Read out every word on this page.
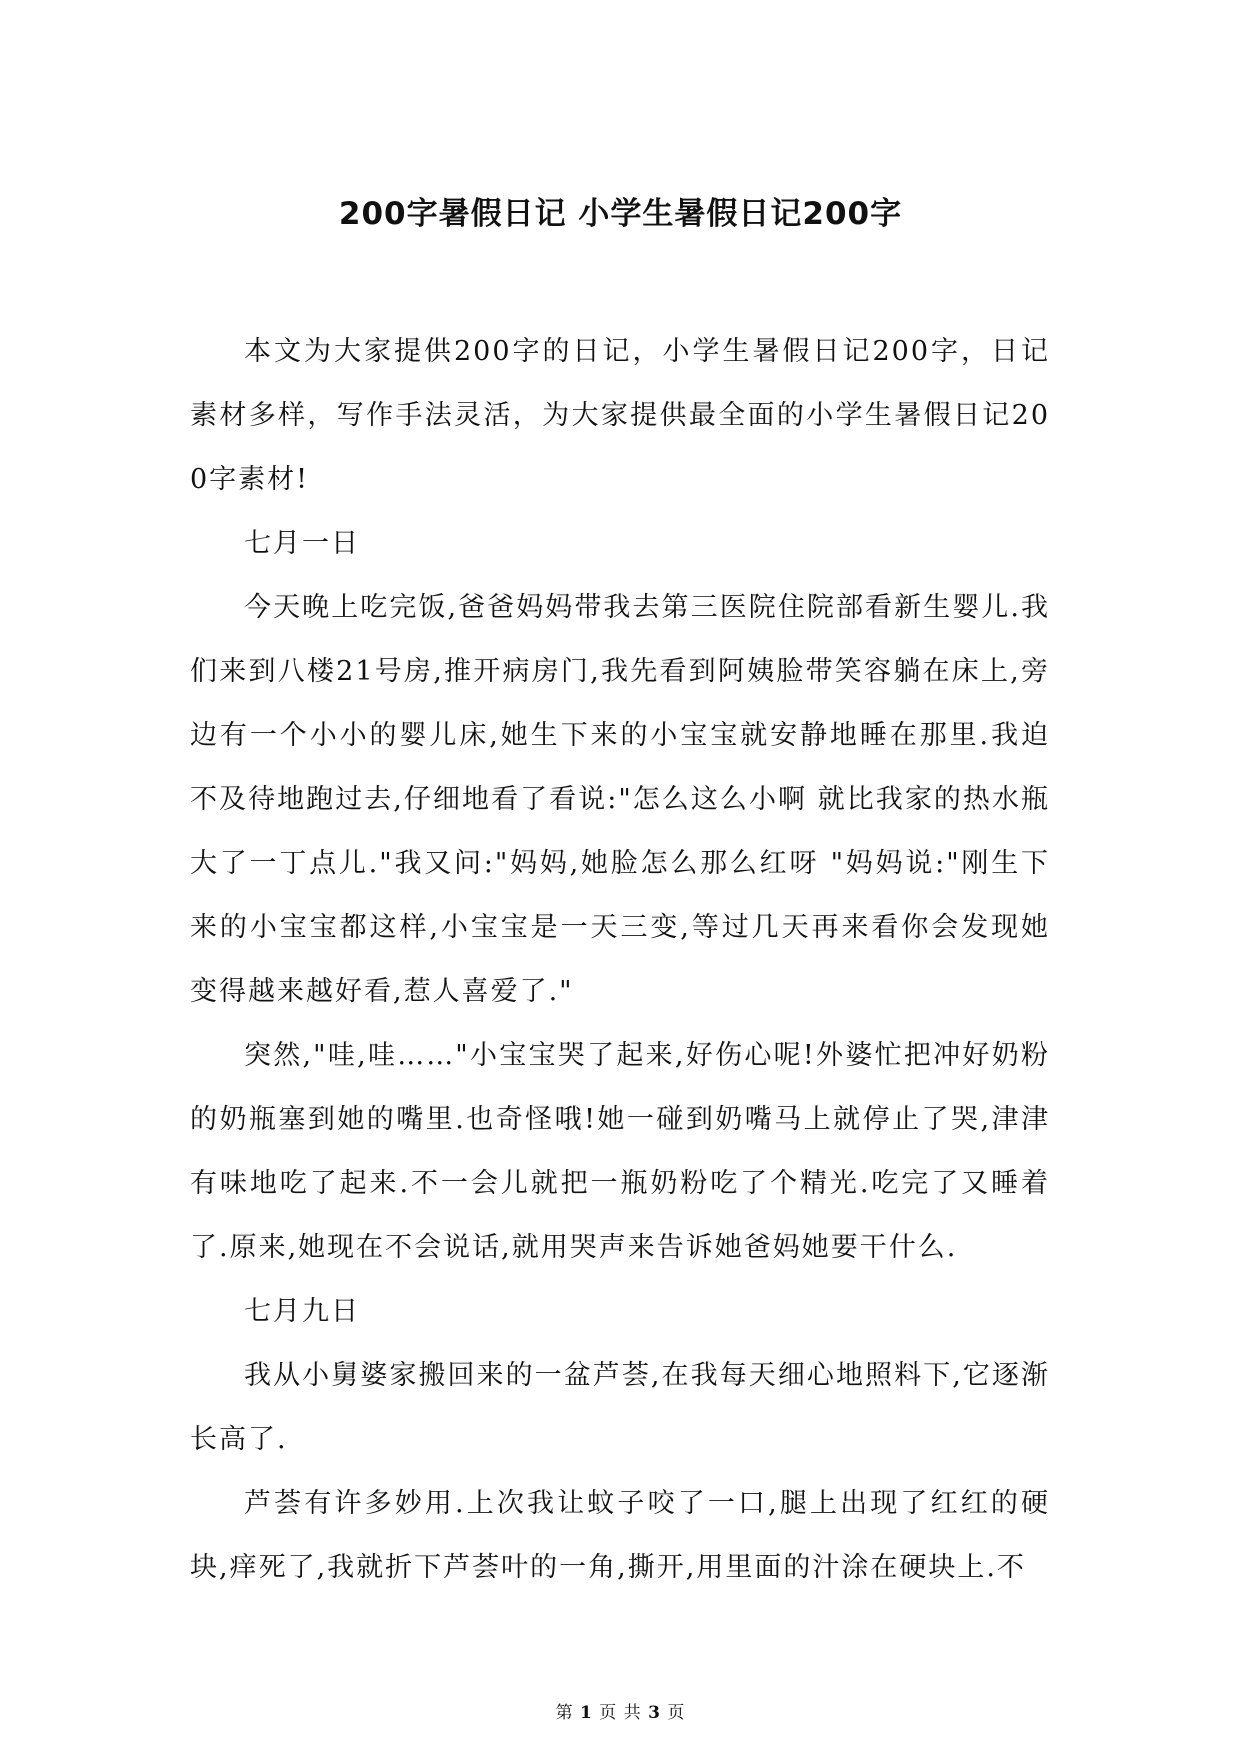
200字暑假日记 小学生暑假日记200字

本文为大家提供200字的日记，小学生暑假日记200字，日记素材多样，写作手法灵活，为大家提供最全面的小学生暑假日记200字素材!

七月一日

今天晚上吃完饭,爸爸妈妈带我去第三医院住院部看新生婴儿.我们来到八楼21号房,推开病房门,我先看到阿姨脸带笑容躺在床上,旁边有一个小小的婴儿床,她生下来的小宝宝就安静地睡在那里.我迫不及待地跑过去,仔细地看了看说:"怎么这么小啊 就比我家的热水瓶大了一丁点儿."我又问:"妈妈,她脸怎么那么红呀 "妈妈说:"刚生下来的小宝宝都这样,小宝宝是一天三变,等过几天再来看你会发现她变得越来越好看,惹人喜爱了."

突然,"哇,哇……"小宝宝哭了起来,好伤心呢!外婆忙把冲好奶粉的奶瓶塞到她的嘴里.也奇怪哦!她一碰到奶嘴马上就停止了哭,津津有味地吃了起来.不一会儿就把一瓶奶粉吃了个精光.吃完了又睡着了.原来,她现在不会说话,就用哭声来告诉她爸妈她要干什么.

七月九日

我从小舅婆家搬回来的一盆芦荟,在我每天细心地照料下,它逐渐长高了.

芦荟有许多妙用.上次我让蚊子咬了一口,腿上出现了红红的硬块,痒死了,我就折下芦荟叶的一角,撕开,用里面的汁涂在硬块上.不

第 1 页 共 3 页
